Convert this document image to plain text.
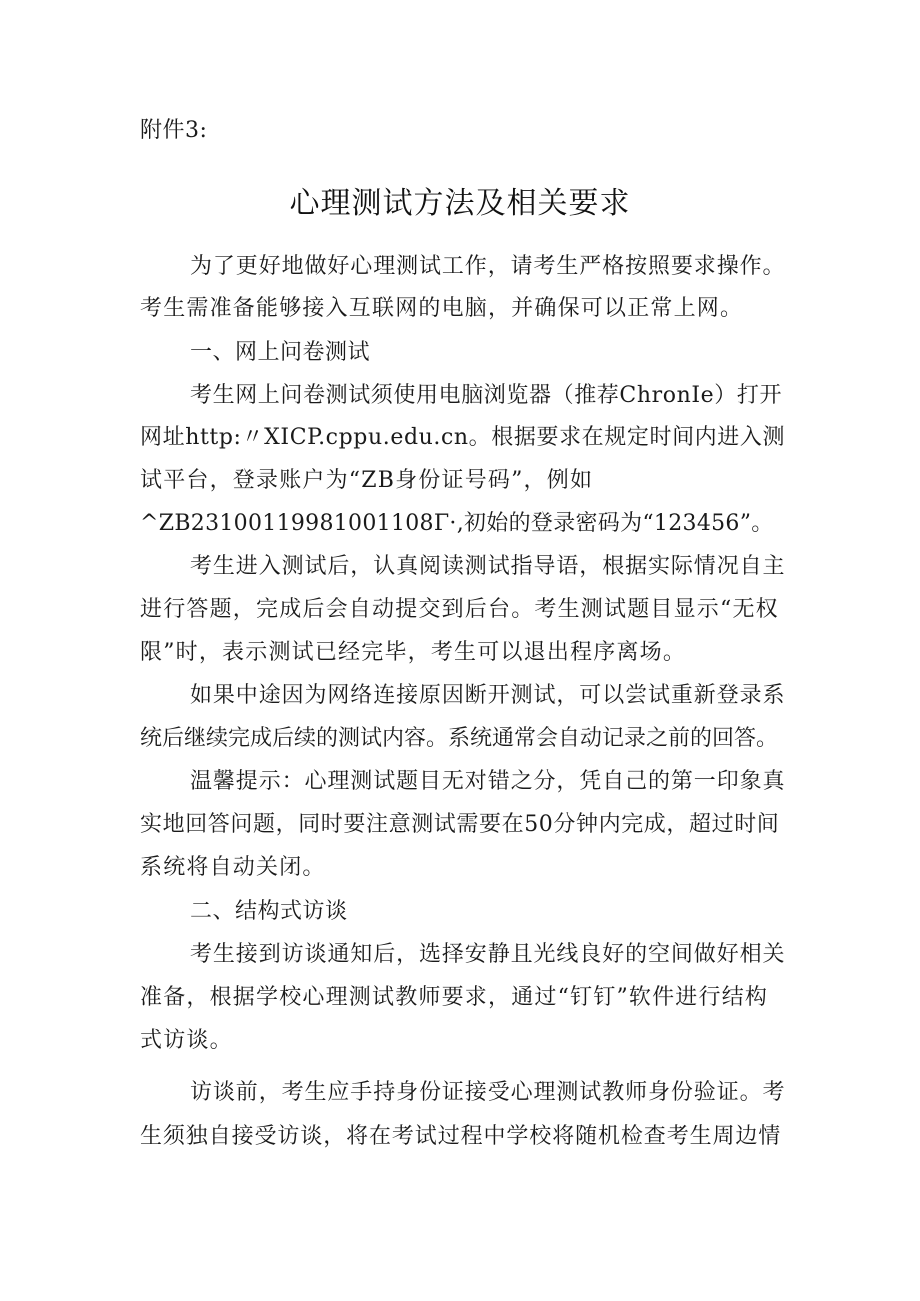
附件3:
心理测试方法及相关要求
为了更好地做好心理测试工作，请考生严格按照要求操作。
考生需准备能够接入互联网的电脑，并确保可以正常上网。
一、网上问卷测试
考生网上问卷测试须使用电脑浏览器（推荐ChronIe）打开
网址http:〃XICP.cppu.edu.cn。根据要求在规定时间内进入测
试平台，登录账户为“ZB身份证号码”，例如
^ZB23100119981001108Γ·,初始的登录密码为“123456”。
考生进入测试后，认真阅读测试指导语，根据实际情况自主
进行答题，完成后会自动提交到后台。考生测试题目显示“无权
限”时，表示测试已经完毕，考生可以退出程序离场。
如果中途因为网络连接原因断开测试，可以尝试重新登录系
统后继续完成后续的测试内容。系统通常会自动记录之前的回答。
温馨提示：心理测试题目无对错之分，凭自己的第一印象真
实地回答问题，同时要注意测试需要在50分钟内完成，超过时间
系统将自动关闭。
二、结构式访谈
考生接到访谈通知后，选择安静且光线良好的空间做好相关
准备，根据学校心理测试教师要求，通过“钉钉”软件进行结构
式访谈。
访谈前，考生应手持身份证接受心理测试教师身份验证。考
生须独自接受访谈，将在考试过程中学校将随机检查考生周边情
